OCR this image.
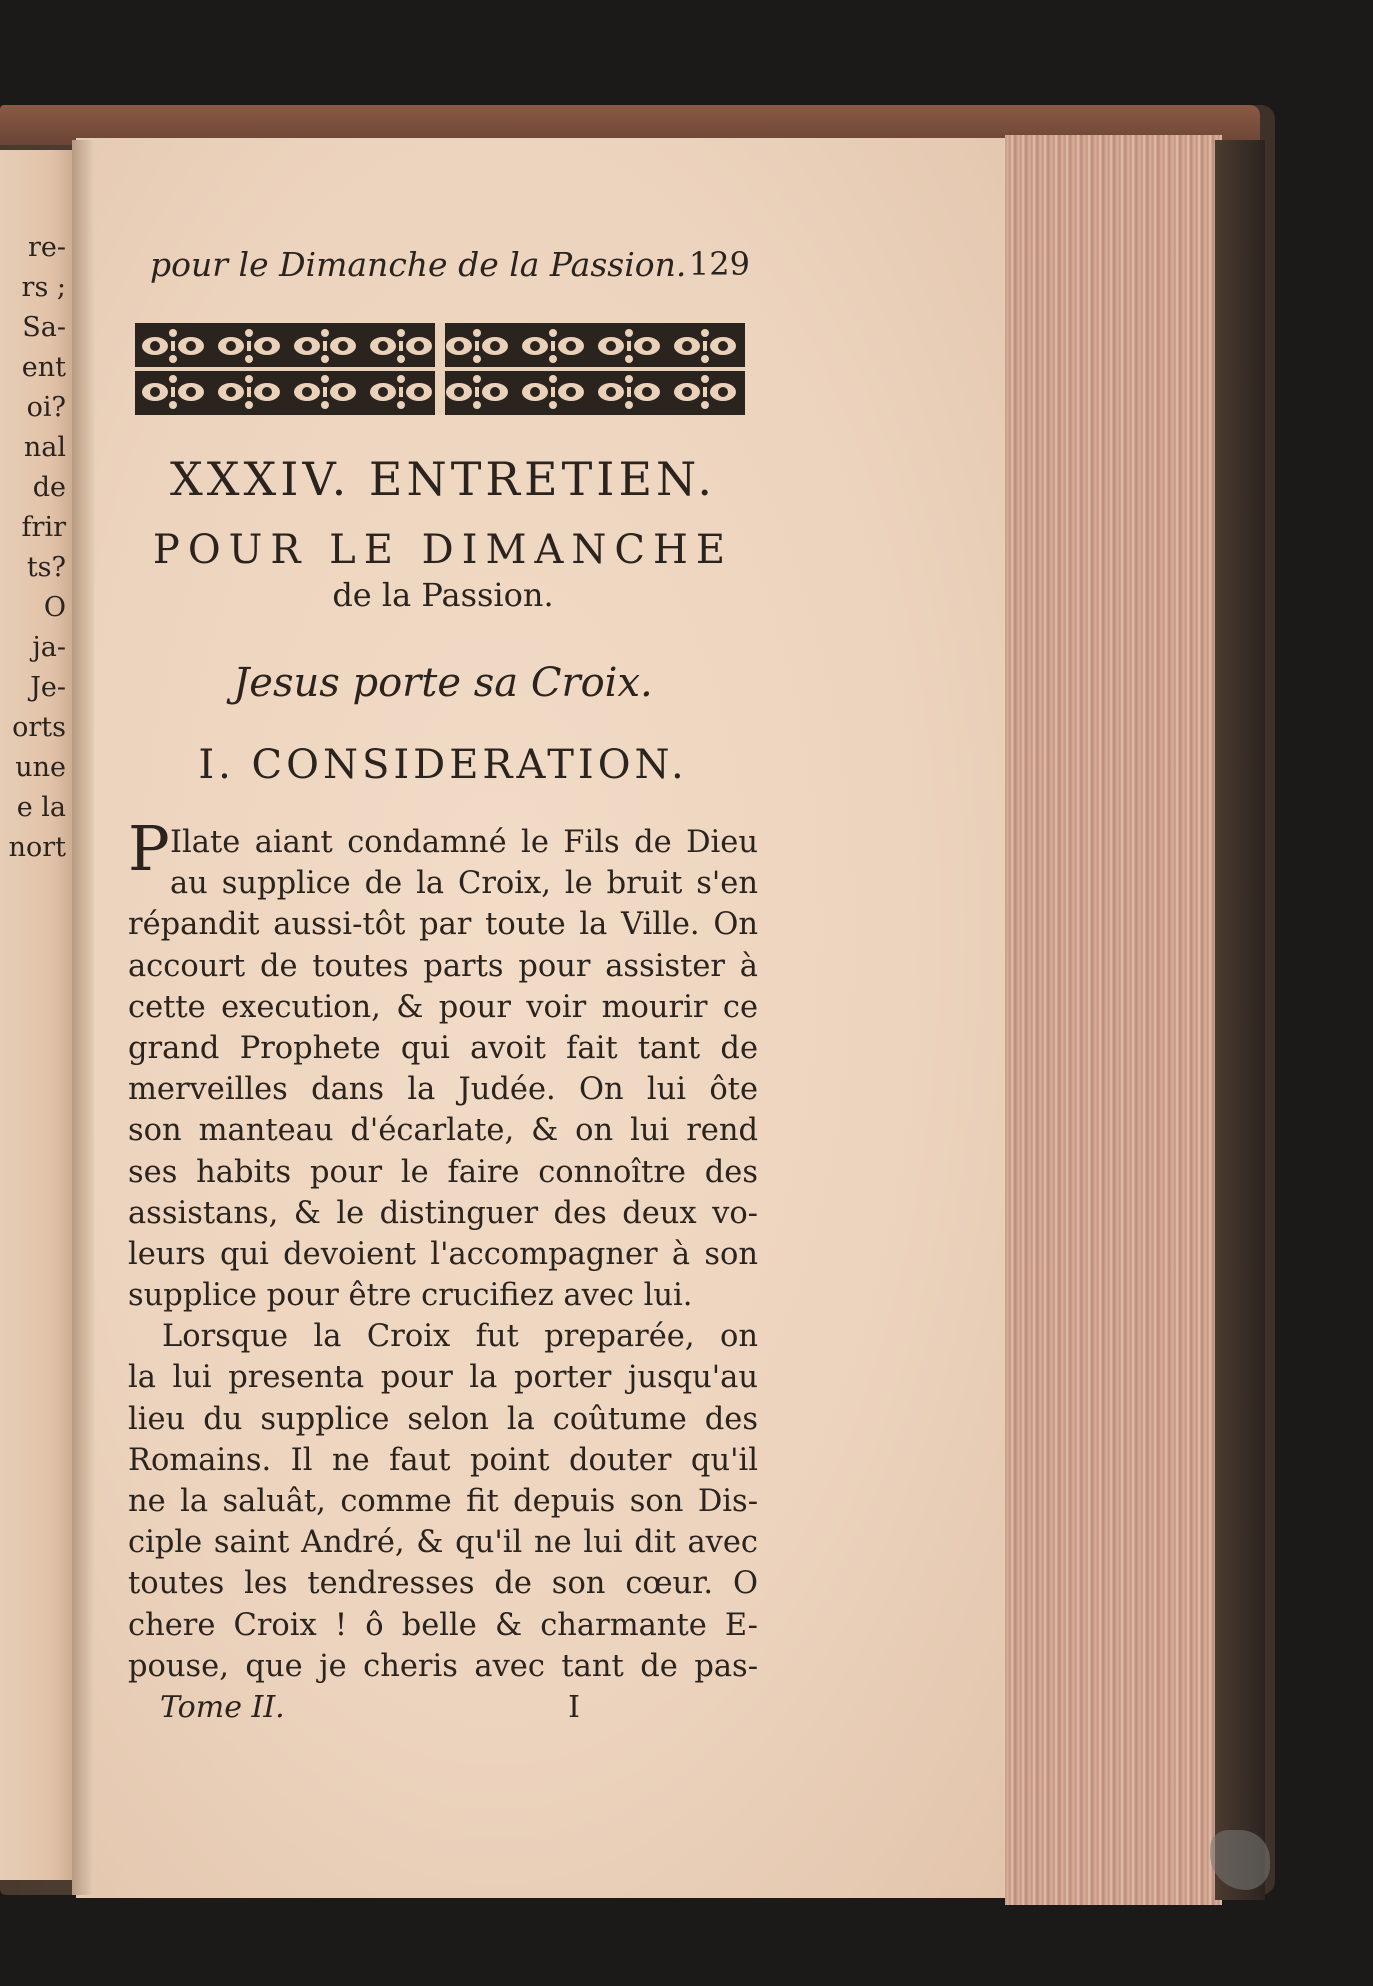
re-
rs ;
Sa-
ent
oi?
nal
de
frir
ts?
O
ja-
Je-
orts
une
e la
nort
pour le Dimanche de la Passion. 129
XXXIV. ENTRETIEN.
POUR LE DIMANCHE
de la Passion.
Jesus porte sa Croix.
I. CONSIDERATION.
P Ilate aiant condamné le Fils de Dieu
au supplice de la Croix, le bruit s'en
répandit aussi-tôt par toute la Ville. On
accourt de toutes parts pour assister à
cette execution, & pour voir mourir ce
grand Prophete qui avoit fait tant de
merveilles dans la Judée. On lui ôte
son manteau d'écarlate, & on lui rend
ses habits pour le faire connoître des
assistans, & le distinguer des deux vo-
leurs qui devoient l'accompagner à son
supplice pour être crucifiez avec lui.
Lorsque la Croix fut preparée, on
la lui presenta pour la porter jusqu'au
lieu du supplice selon la coûtume des
Romains. Il ne faut point douter qu'il
ne la saluât, comme fit depuis son Dis-
ciple saint André, & qu'il ne lui dit avec
toutes les tendresses de son cœur. O
chere Croix ! ô belle & charmante E-
pouse, que je cheris avec tant de pas-
Tome II.	I
